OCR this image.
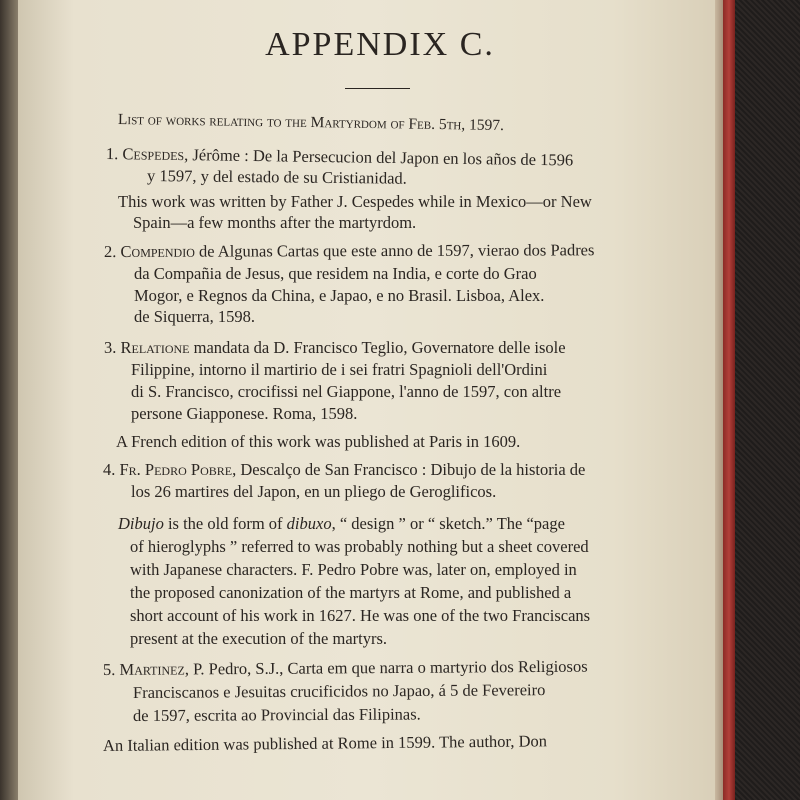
APPENDIX C.
List of works relating to the Martyrdom of Feb. 5th, 1597.
1. Cespedes, Jérôme : De la Persecucion del Japon en los años de 1596
y 1597, y del estado de su Cristianidad.
This work was written by Father J. Cespedes while in Mexico—or New
Spain—a few months after the martyrdom.
2. Compendio de Algunas Cartas que este anno de 1597, vierao dos Padres
da Compañia de Jesus, que residem na India, e corte do Grao
Mogor, e Regnos da China, e Japao, e no Brasil. Lisboa, Alex.
de Siquerra, 1598.
3. Relatione mandata da D. Francisco Teglio, Governatore delle isole
Filippine, intorno il martirio de i sei fratri Spagnioli dell'Ordini
di S. Francisco, crocifissi nel Giappone, l'anno de 1597, con altre
persone Giapponese. Roma, 1598.
A French edition of this work was published at Paris in 1609.
4. Fr. Pedro Pobre, Descalço de San Francisco : Dibujo de la historia de
los 26 martires del Japon, en un pliego de Geroglificos.
Dibujo is the old form of dibuxo, “ design ” or “ sketch.” The “page
of hieroglyphs ” referred to was probably nothing but a sheet covered
with Japanese characters. F. Pedro Pobre was, later on, employed in
the proposed canonization of the martyrs at Rome, and published a
short account of his work in 1627. He was one of the two Franciscans
present at the execution of the martyrs.
5. Martinez, P. Pedro, S.J., Carta em que narra o martyrio dos Religiosos
Franciscanos e Jesuitas crucificidos no Japao, á 5 de Fevereiro
de 1597, escrita ao Provincial das Filipinas.
An Italian edition was published at Rome in 1599. The author, Don
